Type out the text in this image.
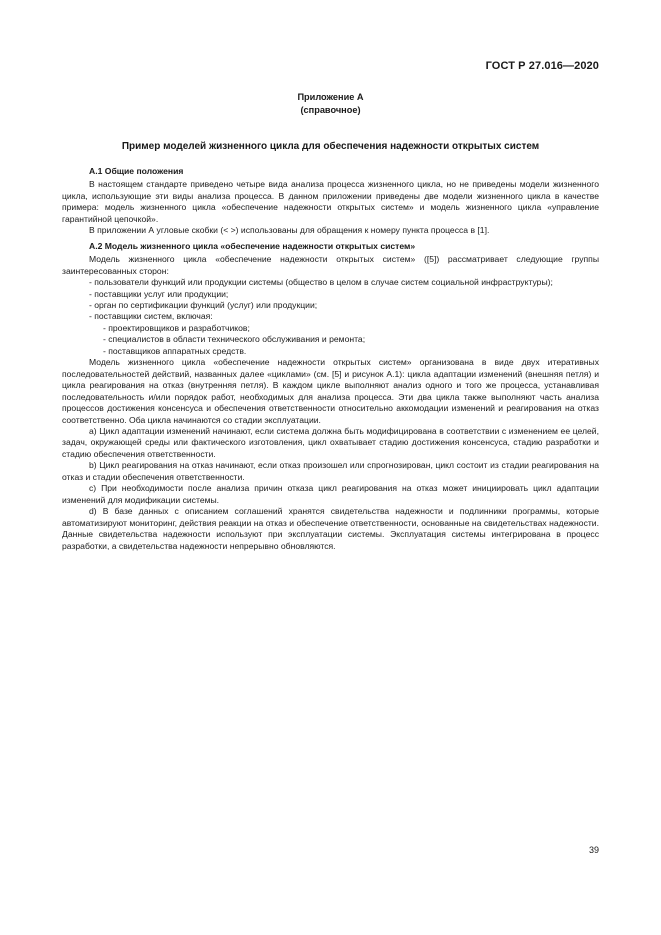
ГОСТ Р 27.016—2020
Приложение А
(справочное)
Пример моделей жизненного цикла для обеспечения надежности открытых систем
А.1 Общие положения

В настоящем стандарте приведено четыре вида анализа процесса жизненного цикла, но не приведены модели жизненного цикла, использующие эти виды анализа процесса. В данном приложении приведены две модели жизненного цикла в качестве примера: модель жизненного цикла «обеспечение надежности открытых систем» и модель жизненного цикла «управление гарантийной цепочкой».

В приложении А угловые скобки (< >) использованы для обращения к номеру пункта процесса в [1].

А.2 Модель жизненного цикла «обеспечение надежности открытых систем»

Модель жизненного цикла «обеспечение надежности открытых систем» ([5]) рассматривает следующие группы заинтересованных сторон:

- пользователи функций или продукции системы (общество в целом в случае систем социальной инфраструктуры);
- поставщики услуг или продукции;
- орган по сертификации функций (услуг) или продукции;
- поставщики систем, включая:
- проектировщиков и разработчиков;
- специалистов в области технического обслуживания и ремонта;
- поставщиков аппаратных средств.

Модель жизненного цикла «обеспечение надежности открытых систем» организована в виде двух итеративных последовательностей действий, названных далее «циклами» (см. [5] и рисунок А.1): цикла адаптации изменений (внешняя петля) и цикла реагирования на отказ (внутренняя петля). В каждом цикле выполняют анализ одного и того же процесса, устанавливая последовательность и/или порядок работ, необходимых для анализа процесса. Эти два цикла также выполняют часть анализа процессов достижения консенсуса и обеспечения ответственности относительно аккомодации изменений и реагирования на отказ соответственно. Оба цикла начинаются со стадии эксплуатации.

а) Цикл адаптации изменений начинают, если система должна быть модифицирована в соответствии с изменением ее целей, задач, окружающей среды или фактического изготовления, цикл охватывает стадию достижения консенсуса, стадию разработки и стадию обеспечения ответственности.

b) Цикл реагирования на отказ начинают, если отказ произошел или спрогнозирован, цикл состоит из стадии реагирования на отказ и стадии обеспечения ответственности.

c) При необходимости после анализа причин отказа цикл реагирования на отказ может инициировать цикл адаптации изменений для модификации системы.

d) В базе данных с описанием соглашений хранятся свидетельства надежности и подлинники программы, которые автоматизируют мониторинг, действия реакции на отказ и обеспечение ответственности, основанные на свидетельствах надежности. Данные свидетельства надежности используют при эксплуатации системы. Эксплуатация системы интегрирована в процесс разработки, а свидетельства надежности непрерывно обновляются.

39
